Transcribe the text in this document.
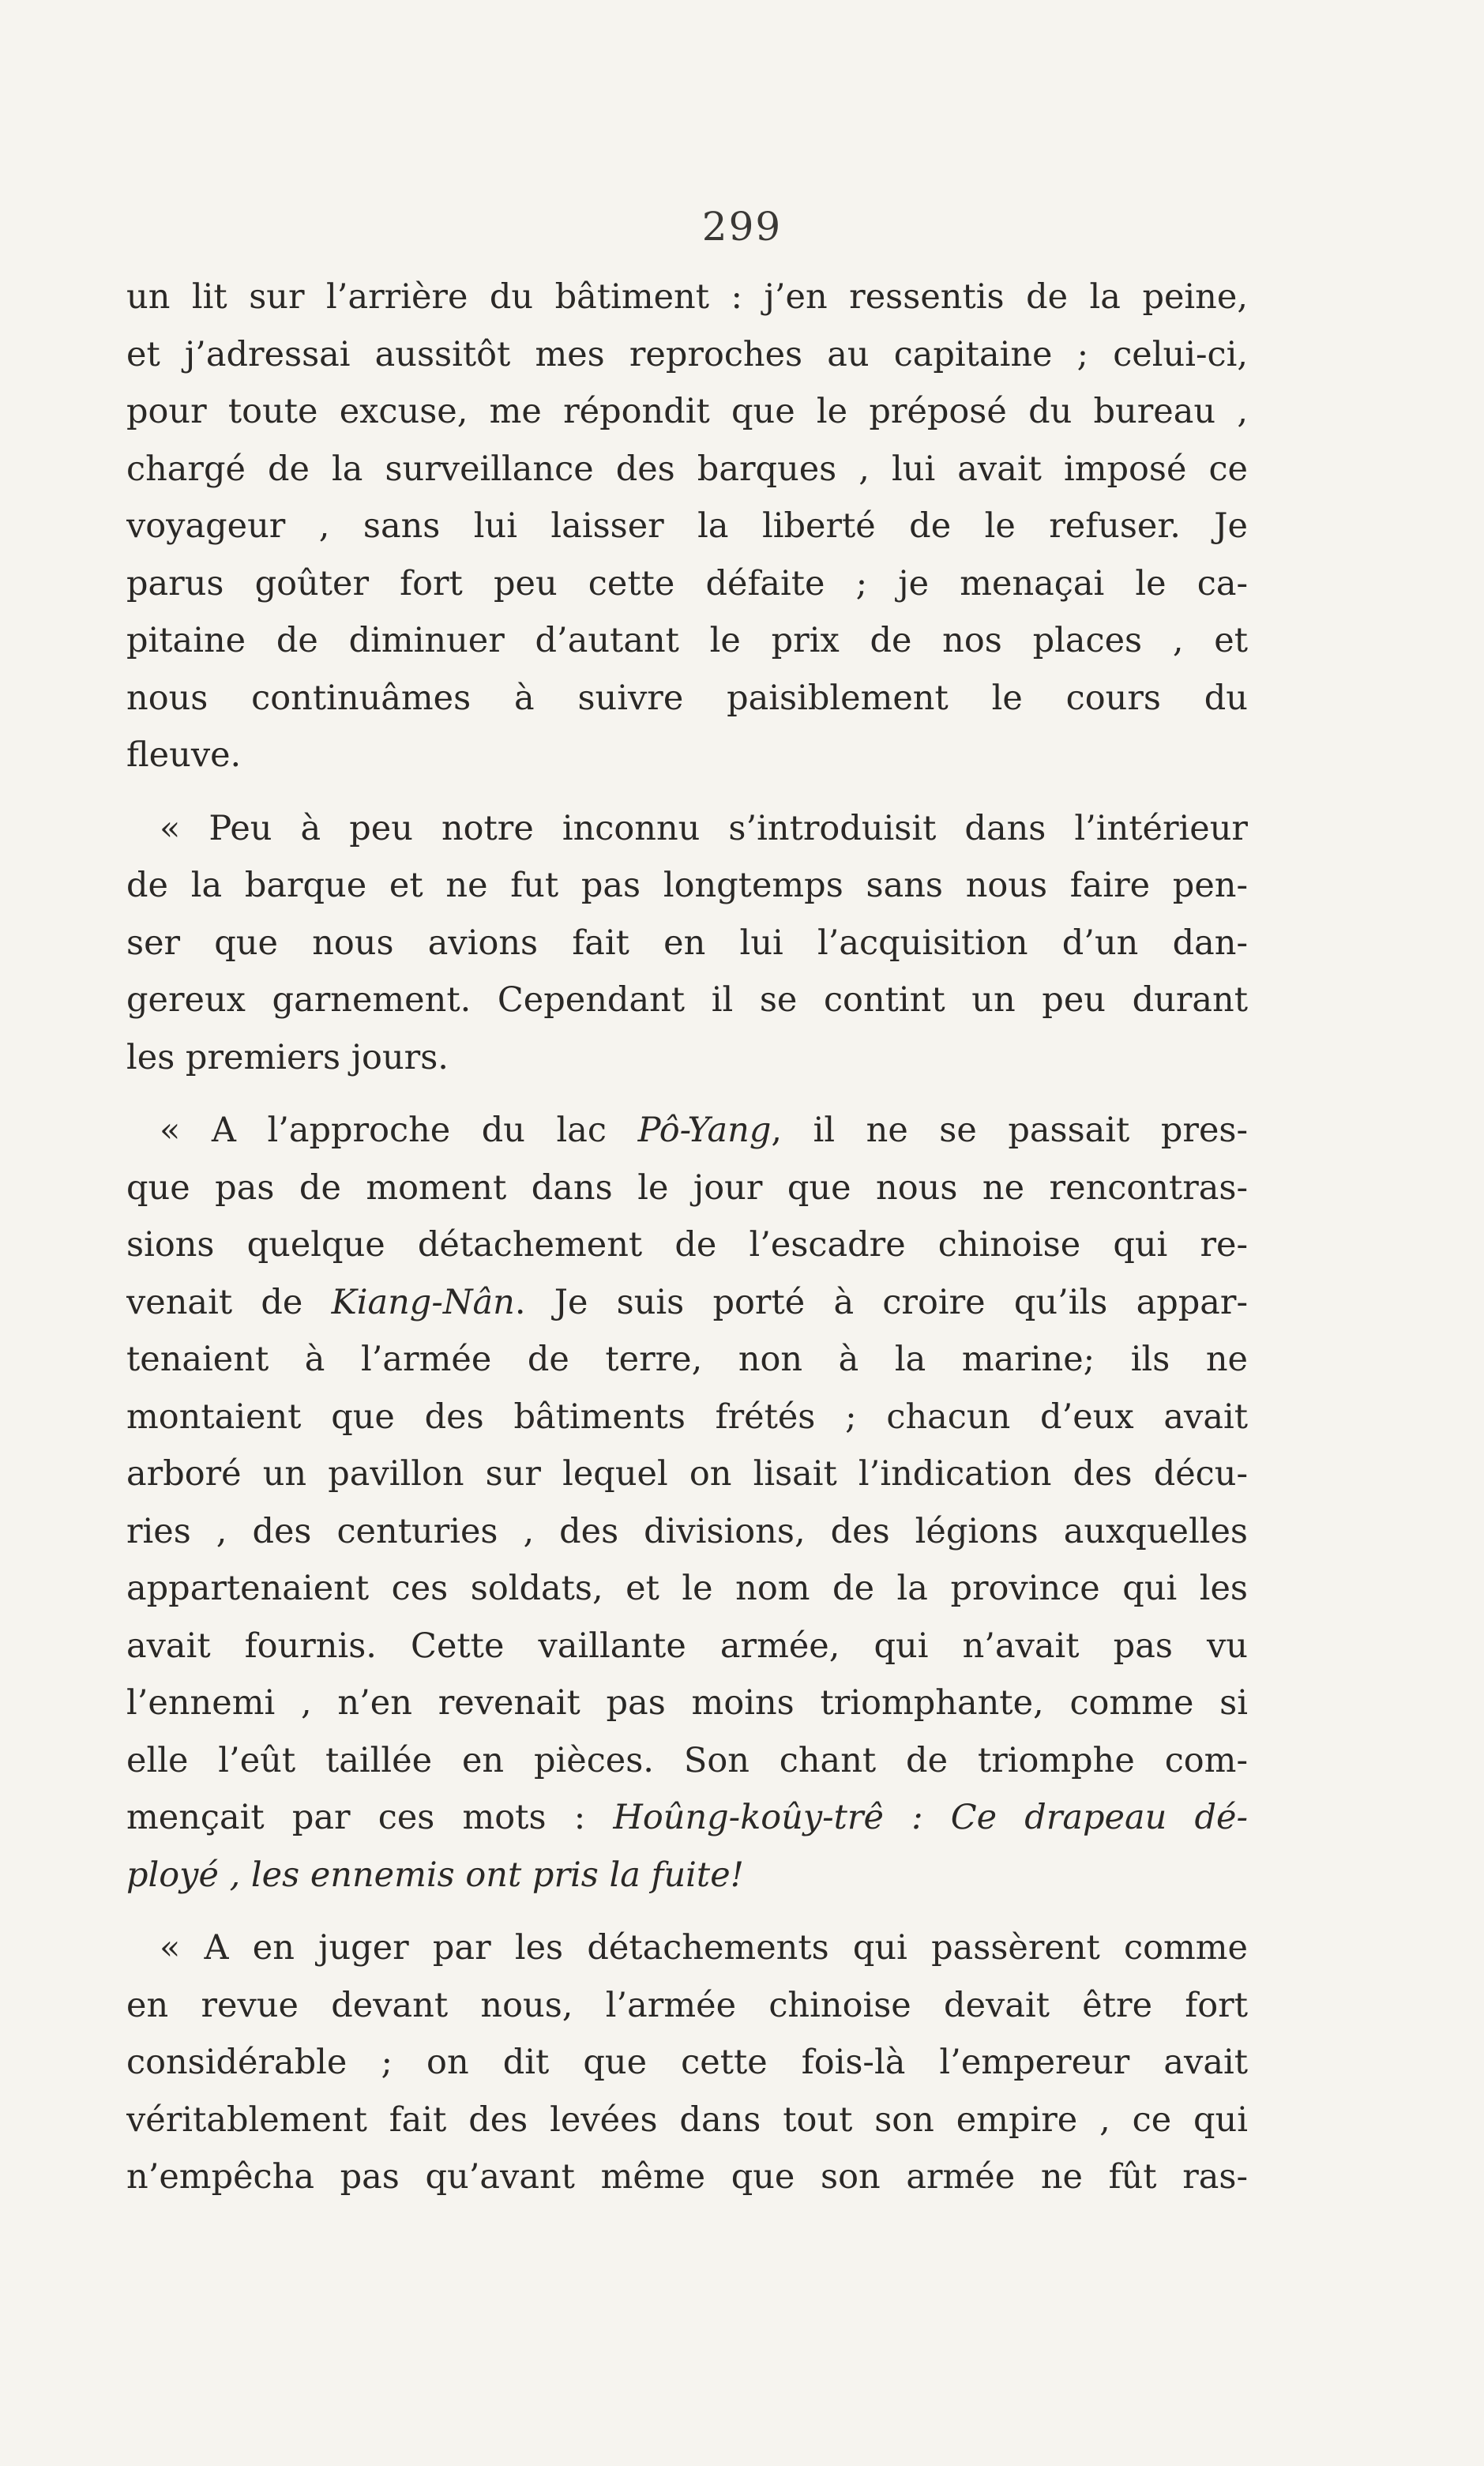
299
un lit sur l’arrière du bâtiment : j’en ressentis de la peine,
et j’adressai aussitôt mes reproches au capitaine ; celui-ci,
pour toute excuse, me répondit que le préposé du bureau ,
chargé de la surveillance des barques , lui avait imposé ce
voyageur , sans lui laisser la liberté de le refuser. Je
parus goûter fort peu cette défaite ; je menaçai le ca-
pitaine de diminuer d’autant le prix de nos places , et
nous continuâmes à suivre paisiblement le cours du
fleuve.
« Peu à peu notre inconnu s’introduisit dans l’intérieur
de la barque et ne fut pas longtemps sans nous faire pen-
ser que nous avions fait en lui l’acquisition d’un dan-
gereux garnement. Cependant il se contint un peu durant
les premiers jours.
« A l’approche du lac Pô-Yang, il ne se passait pres-
que pas de moment dans le jour que nous ne rencontras-
sions quelque détachement de l’escadre chinoise qui re-
venait de Kiang-Nân. Je suis porté à croire qu’ils appar-
tenaient à l’armée de terre, non à la marine; ils ne
montaient que des bâtiments frétés ; chacun d’eux avait
arboré un pavillon sur lequel on lisait l’indication des décu-
ries , des centuries , des divisions, des légions auxquelles
appartenaient ces soldats, et le nom de la province qui les
avait fournis. Cette vaillante armée, qui n’avait pas vu
l’ennemi , n’en revenait pas moins triomphante, comme si
elle l’eût taillée en pièces. Son chant de triomphe com-
mençait par ces mots : Hoûng-koûy-trê : Ce drapeau dé-
ployé , les ennemis ont pris la fuite!
« A en juger par les détachements qui passèrent comme
en revue devant nous, l’armée chinoise devait être fort
considérable ; on dit que cette fois-là l’empereur avait
véritablement fait des levées dans tout son empire , ce qui
n’empêcha pas qu’avant même que son armée ne fût ras-
